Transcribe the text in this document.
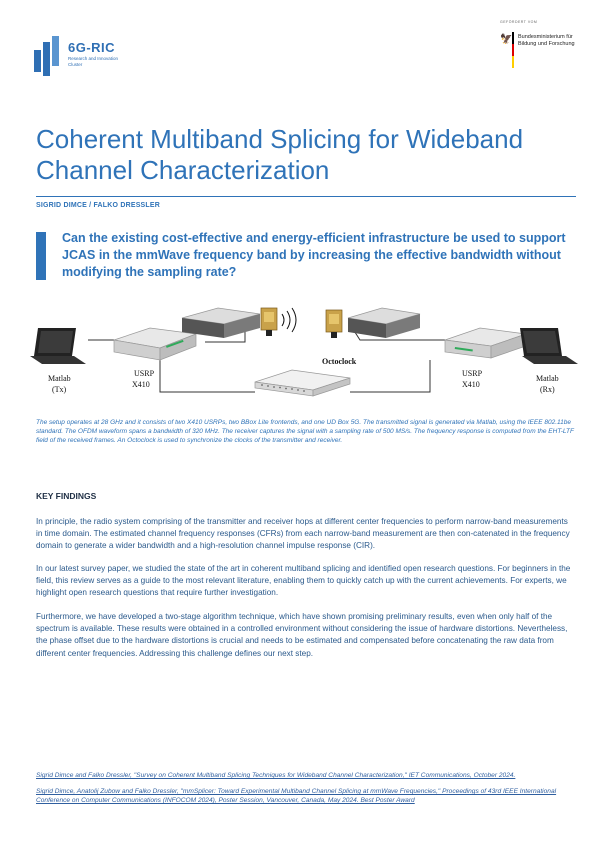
6G-RIC
Research and Innovation Cluster
GEFÖRDERT VOM
🦅 Bundesministerium für Bildung und Forschung
Coherent Multiband Splicing for Wideband Channel Characterization
SIGRID DIMCE / FALKO DRESSLER
Can the existing cost-effective and energy-efficient infrastructure be used to support JCAS in the mmWave frequency band by increasing the effective bandwidth without modifying the sampling rate?
Matlab
(Tx)
USRP
X410
Octoclock
USRP
X410
Matlab
(Rx)
The setup operates at 28 GHz and it consists of two X410 USRPs, two BBox Lite frontends, and one UD Box 5G. The transmitted signal is generated via Matlab, using the IEEE 802.11be standard. The OFDM waveform spans a bandwidth of 320 MHz. The receiver captures the signal with a sampling rate of 500 MS/s. The frequency response is computed from the EHT-LTF field of the received frames. An Octoclock is used to synchronize the clocks of the transmitter and receiver.
KEY FINDINGS
In principle, the radio system comprising of the transmitter and receiver hops at different center frequencies to perform narrow-band measurements in time domain. The estimated channel frequency responses (CFRs) from each narrow-band measurement are then con-catenated in the frequency domain to generate a wider bandwidth and a high-resolution channel impulse response (CIR).
In our latest survey paper, we studied the state of the art in coherent multiband splicing and identified open research questions. For beginners in the field, this review serves as a guide to the most relevant literature, enabling them to quickly catch up with the current achievements. For experts, we highlight open research questions that require further investigation.
Furthermore, we have developed a two-stage algorithm technique, which have shown promising preliminary results, even when only half of the spectrum is available. These results were obtained in a controlled environment without considering the issue of hardware distortions. Nevertheless, the phase offset due to the hardware distortions is crucial and needs to be estimated and compensated before concatenating the raw data from different center frequencies. Addressing this challenge defines our next step.
Sigrid Dimce and Falko Dressler, "Survey on Coherent Multiband Splicing Techniques for Wideband Channel Characterization," IET Communications, October 2024.
Sigrid Dimce, Anatolij Zubow and Falko Dressler, "mmSplicer: Toward Experimental Multiband Channel Splicing at mmWave Frequencies," Proceedings of 43rd IEEE International Conference on Computer Communications (INFOCOM 2024), Poster Session, Vancouver, Canada, May 2024. Best Poster Award
